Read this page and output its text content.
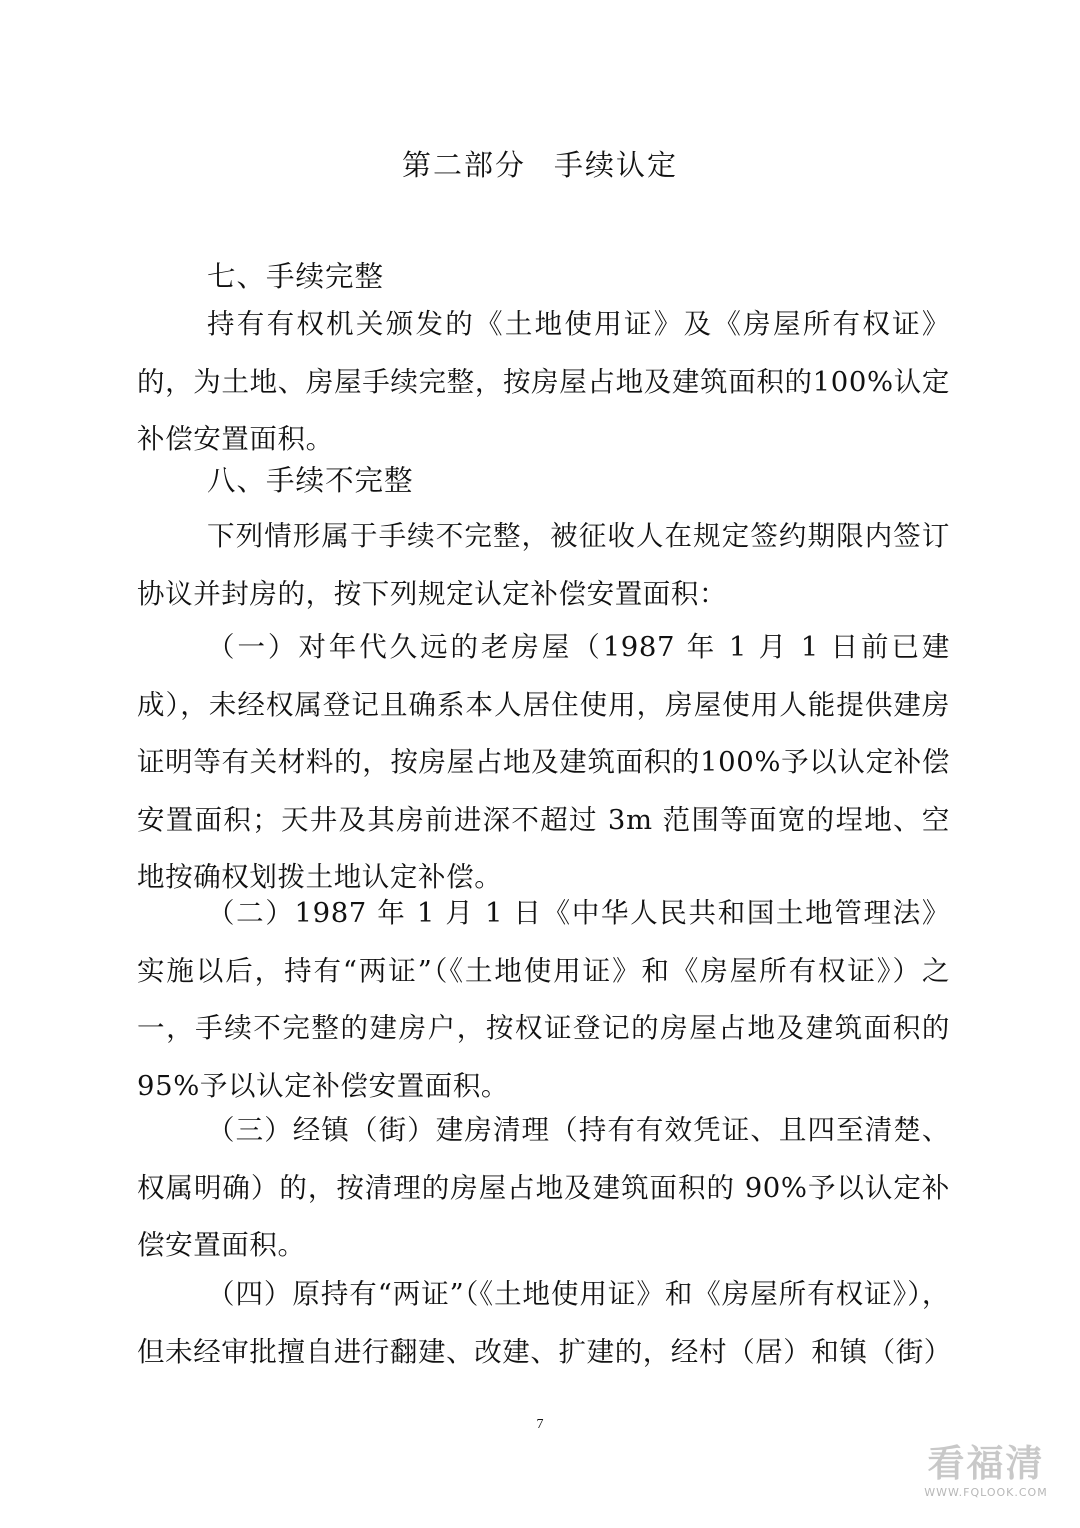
第二部分 手续认定
七、手续完整

持有有权机关颁发的《土地使用证》及《房屋所有权证》的，为土地、房屋手续完整，按房屋占地及建筑面积的100%认定补偿安置面积。

八、手续不完整

下列情形属于手续不完整，被征收人在规定签约期限内签订协议并封房的，按下列规定认定补偿安置面积：

（一）对年代久远的老房屋（1987 年 1 月 1 日前已建成），未经权属登记且确系本人居住使用，房屋使用人能提供建房证明等有关材料的，按房屋占地及建筑面积的100%予以认定补偿安置面积；天井及其房前进深不超过 3m 范围等面宽的埕地、空地按确权划拨土地认定补偿。

（二）1987 年 1 月 1 日《中华人民共和国土地管理法》实施以后，持有“两证”（《土地使用证》和《房屋所有权证》）之一，手续不完整的建房户，按权证登记的房屋占地及建筑面积的95%予以认定补偿安置面积。

（三）经镇（街）建房清理（持有有效凭证、且四至清楚、权属明确）的，按清理的房屋占地及建筑面积的 90%予以认定补偿安置面积。

（四）原持有“两证”（《土地使用证》和《房屋所有权证》），但未经审批擅自进行翻建、改建、扩建的，经村（居）和镇（街）

7
看福清
WWW.FQLOOK.COM
